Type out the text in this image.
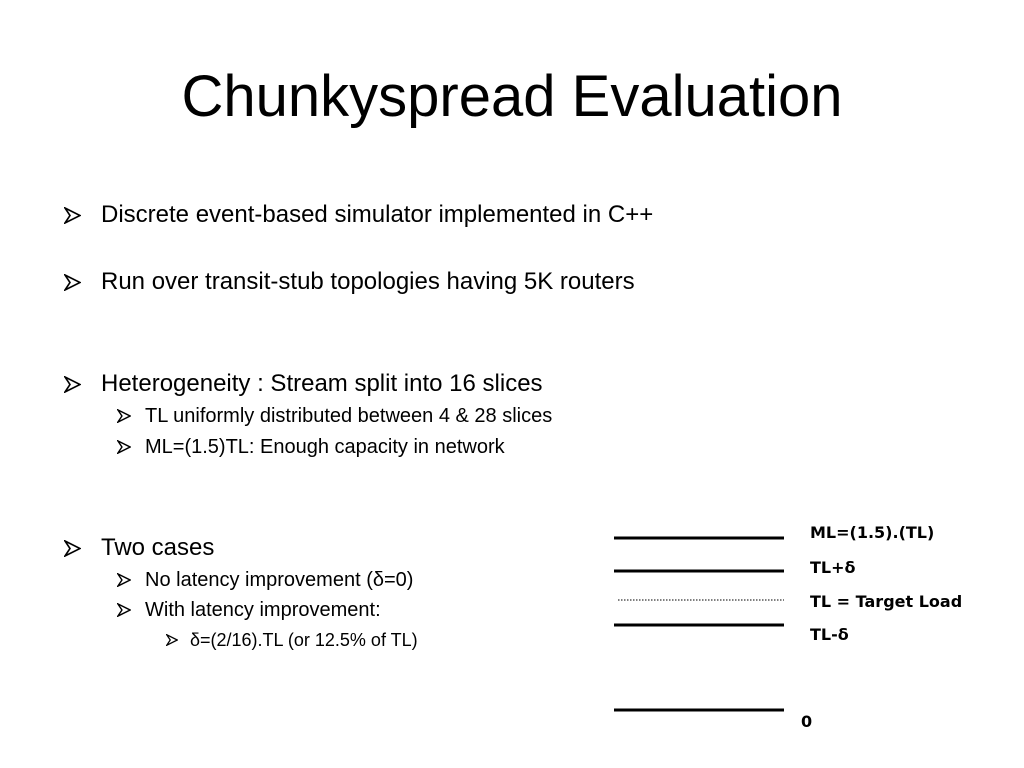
Chunkyspread Evaluation
Discrete event-based simulator implemented in C++
Run over transit-stub topologies having 5K routers
Heterogeneity : Stream split into 16 slices
TL uniformly distributed between 4 & 28 slices
ML=(1.5)TL: Enough capacity in network
Two cases
No latency improvement (δ=0)
With latency improvement:
δ=(2/16).TL (or 12.5% of TL)
ML=(1.5).(TL)
TL+δ
TL = Target Load
TL-δ
0
